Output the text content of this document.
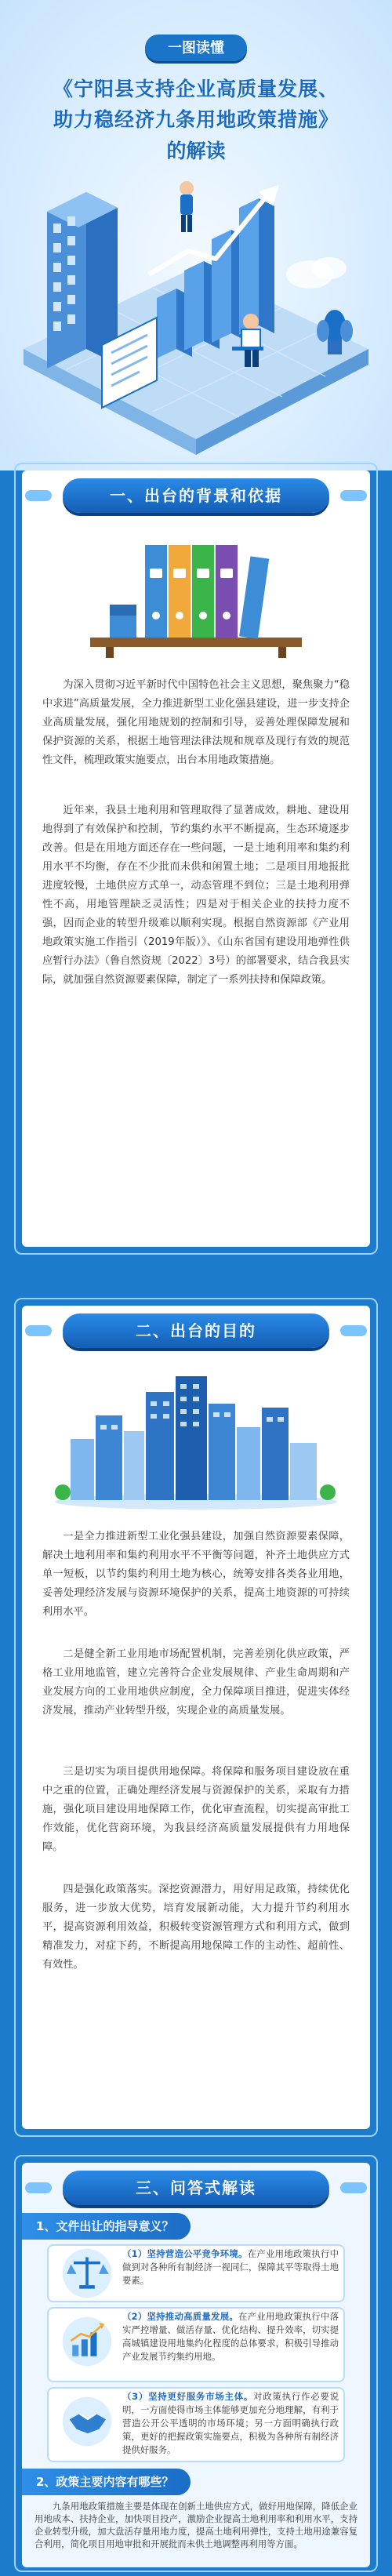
一图读懂
《宁阳县支持企业高质量发展、
助力稳经济九条用地政策措施》
的解读
一、出台的背景和依据
为深入贯彻习近平新时代中国特色社会主义思想，聚焦聚力“稳中求进”高质量发展，全力推进新型工业化强县建设，进一步支持企业高质量发展，强化用地规划的控制和引导，妥善处理保障发展和保护资源的关系，根据土地管理法律法规和规章及现行有效的规范性文件，梳理政策实施要点，出台本用地政策措施。
近年来，我县土地利用和管理取得了显著成效，耕地、建设用地得到了有效保护和控制，节约集约水平不断提高，生态环境逐步改善。但是在用地方面还存在一些问题，一是土地利用率和集约利用水平不均衡，存在不少批而未供和闲置土地；二是项目用地报批进度较慢，土地供应方式单一，动态管理不到位；三是土地利用弹性不高，用地管理缺乏灵活性；四是对于相关企业的扶持力度不强，因而企业的转型升级难以顺利实现。根据自然资源部《产业用地政策实施工作指引（2019年版）》、《山东省国有建设用地弹性供应暂行办法》（鲁自然资规〔2022〕3号）的部署要求，结合我县实际，就加强自然资源要素保障，制定了一系列扶持和保障政策。
二、出台的目的
一是全力推进新型工业化强县建设，加强自然资源要素保障，解决土地利用率和集约利用水平不平衡等问题，补齐土地供应方式单一短板，以节约集约利用土地为核心，统筹安排各类各业用地，妥善处理经济发展与资源环境保护的关系，提高土地资源的可持续利用水平。
二是健全新工业用地市场配置机制，完善差别化供应政策，严格工业用地监管，建立完善符合企业发展规律、产业生命周期和产业发展方向的工业用地供应制度，全力保障项目推进，促进实体经济发展，推动产业转型升级，实现企业的高质量发展。
三是切实为项目提供用地保障。将保障和服务项目建设放在重中之重的位置，正确处理经济发展与资源保护的关系，采取有力措施，强化项目建设用地保障工作，优化审查流程，切实提高审批工作效能，优化营商环境，为我县经济高质量发展提供有力用地保障。
四是强化政策落实。深挖资源潜力，用好用足政策，持续优化服务，进一步放大优势，培育发展新动能，大力提升节约利用水平，提高资源利用效益，积极转变资源管理方式和利用方式，做到精准发力，对症下药，不断提高用地保障工作的主动性、超前性、有效性。
三、问答式解读
1、文件出让的指导意义？
（1）坚持营造公平竞争环境。在产业用地政策执行中做到对各种所有制经济一视同仁，保障其平等取得土地要素。
（2）坚持推动高质量发展。在产业用地政策执行中落实严控增量、做活存量、优化结构、提升效率，切实提高城镇建设用地集约化程度的总体要求，积极引导推动产业发展节约集约用地。
（3）坚持更好服务市场主体。对政策执行作必要说明，一方面使得市场主体能够更加充分地理解，有利于营造公开公平透明的市场环境；另一方面明确执行政策，更好的把握政策实施要点，积极为各种所有制经济提供好服务。
2、政策主要内容有哪些？
九条用地政策措施主要是体现在创新土地供应方式，做好用地保障，降低企业用地成本、扶持企业，加快项目投产，激励企业提高土地利用率和利用水平，支持企业转型升级，加大盘活存量用地力度，提高土地利用弹性，支持土地用途兼容复合利用，简化项目用地审批和开展批而未供土地调整再利用等方面。
